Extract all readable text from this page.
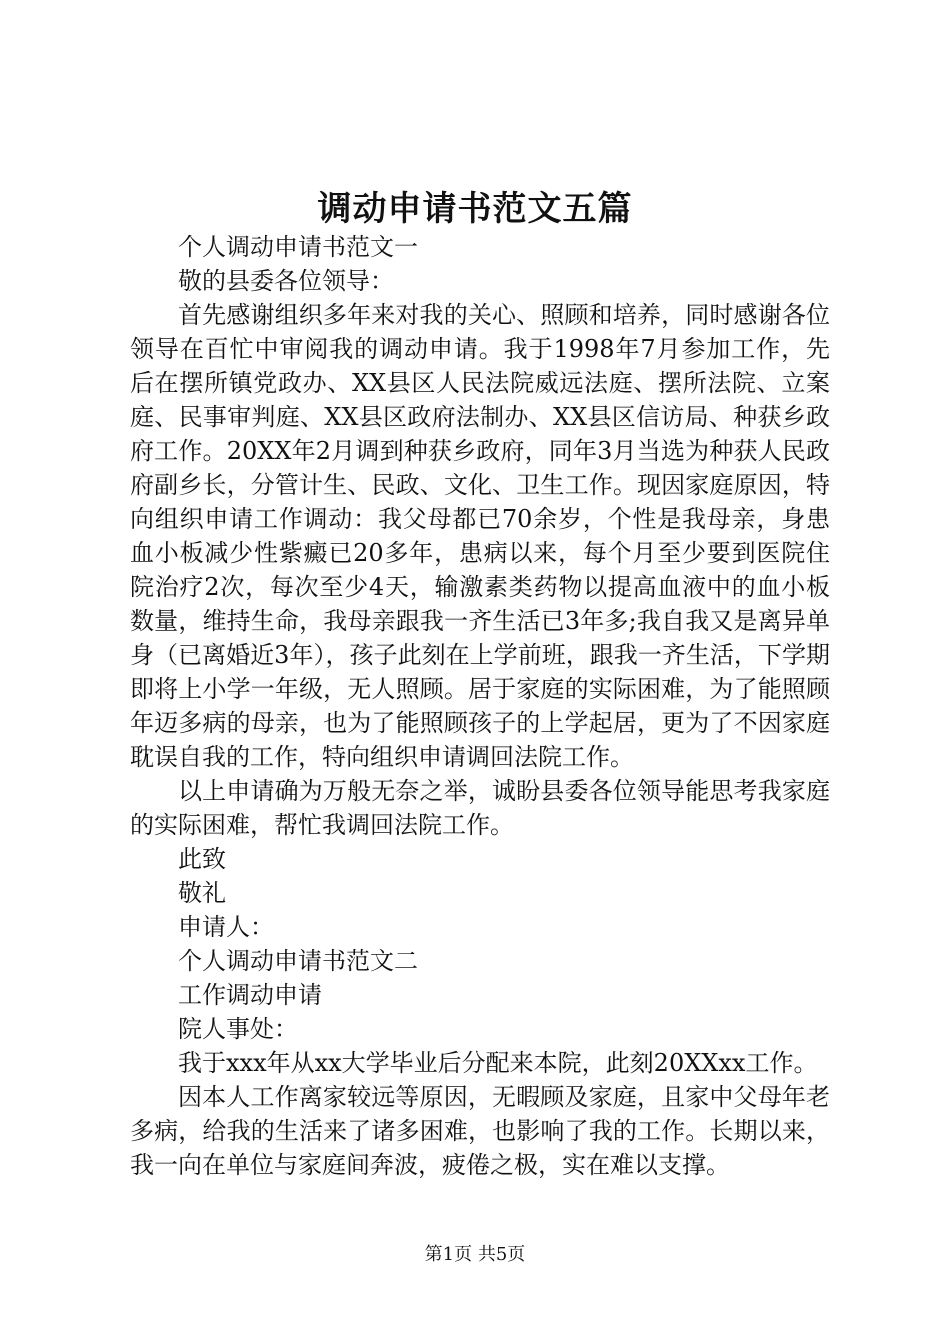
调动申请书范文五篇

个人调动申请书范文一

敬的县委各位领导：

首先感谢组织多年来对我的关心、照顾和培养，同时感谢各位领导在百忙中审阅我的调动申请。我于1998年7月参加工作，先后在摆所镇党政办、XX县区人民法院威远法庭、摆所法院、立案庭、民事审判庭、XX县区政府法制办、XX县区信访局、种获乡政府工作。20XX年2月调到种获乡政府，同年3月当选为种获人民政府副乡长，分管计生、民政、文化、卫生工作。现因家庭原因，特向组织申请工作调动：我父母都已70余岁，个性是我母亲，身患血小板减少性紫癜已20多年，患病以来，每个月至少要到医院住院治疗2次，每次至少4天，输激素类药物以提高血液中的血小板数量，维持生命，我母亲跟我一齐生活已3年多;我自我又是离异单身（已离婚近3年），孩子此刻在上学前班，跟我一齐生活，下学期即将上小学一年级，无人照顾。居于家庭的实际困难，为了能照顾年迈多病的母亲，也为了能照顾孩子的上学起居，更为了不因家庭耽误自我的工作，特向组织申请调回法院工作。

以上申请确为万般无奈之举，诚盼县委各位领导能思考我家庭的实际困难，帮忙我调回法院工作。

此致

敬礼

申请人：

个人调动申请书范文二

工作调动申请

院人事处：

我于xxx年从xx大学毕业后分配来本院，此刻20XXxx工作。

因本人工作离家较远等原因，无暇顾及家庭，且家中父母年老多病，给我的生活来了诸多困难，也影响了我的工作。长期以来，我一向在单位与家庭间奔波，疲倦之极，实在难以支撑。

第1页 共5页
